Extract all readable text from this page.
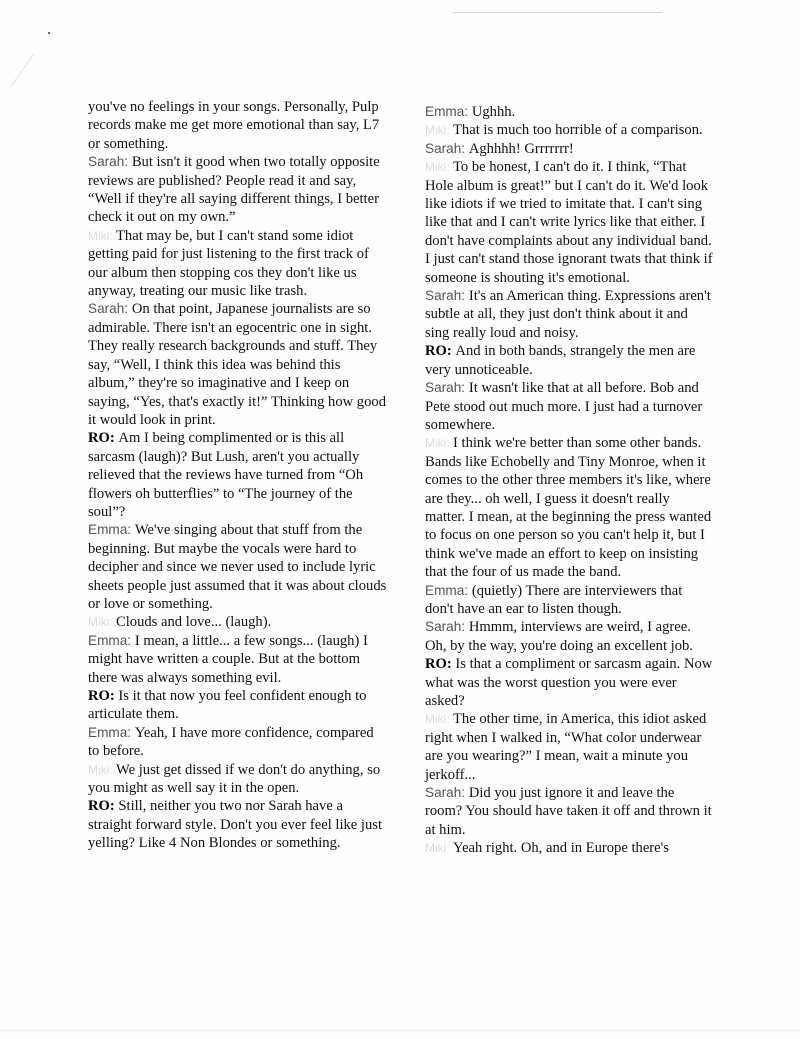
you've no feelings in your songs. Personally, Pulp records make me get more emotional than say, L7 or something.

Sarah: But isn't it good when two totally opposite reviews are published? People read it and say, “Well if they're all saying different things, I better check it out on my own.”

Miki: That may be, but I can't stand some idiot getting paid for just listening to the first track of our album then stopping cos they don't like us anyway, treating our music like trash.

Sarah: On that point, Japanese journalists are so admirable. There isn't an egocentric one in sight. They really research backgrounds and stuff. They say, “Well, I think this idea was behind this album,” they're so imaginative and I keep on saying, “Yes, that's exactly it!” Thinking how good it would look in print.

RO: Am I being complimented or is this all sarcasm (laugh)? But Lush, aren't you actually relieved that the reviews have turned from “Oh flowers oh butterflies” to “The journey of the soul”?

Emma: We've singing about that stuff from the beginning. But maybe the vocals were hard to decipher and since we never used to include lyric sheets people just assumed that it was about clouds or love or something.

Miki: Clouds and love... (laugh).

Emma: I mean, a little... a few songs... (laugh) I might have written a couple. But at the bottom there was always something evil.

RO: Is it that now you feel confident enough to articulate them.

Emma: Yeah, I have more confidence, compared to before.

Miki: We just get dissed if we don't do anything, so you might as well say it in the open.

RO: Still, neither you two nor Sarah have a straight forward style. Don't you ever feel like just yelling? Like 4 Non Blondes or something.

Emma: Ughhh.

Miki: That is much too horrible of a comparison.

Sarah: Aghhhh! Grrrrrrr!

Miki: To be honest, I can't do it. I think, “That Hole album is great!” but I can't do it. We'd look like idiots if we tried to imitate that. I can't sing like that and I can't write lyrics like that either. I don't have complaints about any individual band. I just can't stand those ignorant twats that think if someone is shouting it's emotional.

Sarah: It's an American thing. Expressions aren't subtle at all, they just don't think about it and sing really loud and noisy.

RO: And in both bands, strangely the men are very unnoticeable.

Sarah: It wasn't like that at all before. Bob and Pete stood out much more. I just had a turnover somewhere.

Miki: I think we're better than some other bands. Bands like Echobelly and Tiny Monroe, when it comes to the other three members it's like, where are they... oh well, I guess it doesn't really matter. I mean, at the beginning the press wanted to focus on one person so you can't help it, but I think we've made an effort to keep on insisting that the four of us made the band.

Emma: (quietly) There are interviewers that don't have an ear to listen though.

Sarah: Hmmm, interviews are weird, I agree. Oh, by the way, you're doing an excellent job.

RO: Is that a compliment or sarcasm again. Now what was the worst question you were ever asked?

Miki: The other time, in America, this idiot asked right when I walked in, “What color underwear are you wearing?” I mean, wait a minute you jerkoff...

Sarah: Did you just ignore it and leave the room? You should have taken it off and thrown it at him.

Miki: Yeah right. Oh, and in Europe there's
